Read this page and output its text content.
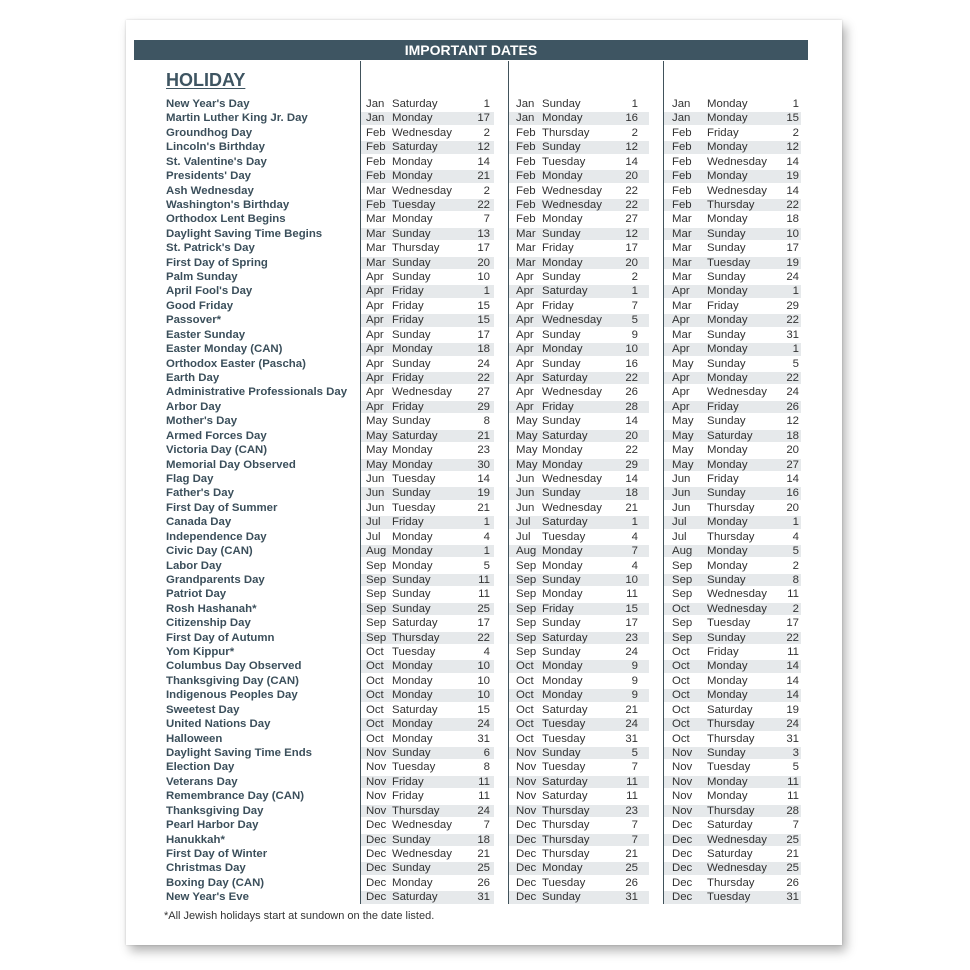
IMPORTANT DATES
HOLIDAY
New Year's Day	Jan Saturday	1 Jan Sunday	1	Jan Monday	1
Martin Luther King Jr. Day	Jan Monday	17 Jan Monday	16	Jan Monday	15
Groundhog Day	Feb Wednesday	2 Feb Thursday	2	Feb Friday	2
Lincoln's Birthday	Feb Saturday	12 Feb Sunday	12	Feb Monday	12
St. Valentine's Day	Feb Monday	14 Feb Tuesday	14	Feb Wednesday	14
Presidents' Day	Feb Monday	21 Feb Monday	20	Feb Monday	19
Ash Wednesday	Mar Wednesday	2 Feb Wednesday	22	Feb Wednesday	14
Washington's Birthday	Feb Tuesday	22 Feb Wednesday	22	Feb Thursday	22
Orthodox Lent Begins	Mar Monday	7 Feb Monday	27	Mar Monday	18
Daylight Saving Time Begins	Mar Sunday	13 Mar Sunday	12	Mar Sunday	10
St. Patrick's Day	Mar Thursday	17 Mar Friday	17	Mar Sunday	17
First Day of Spring	Mar Sunday	20 Mar Monday	20	Mar Tuesday	19
Palm Sunday	Apr Sunday	10 Apr Sunday	2	Mar Sunday	24
April Fool's Day	Apr Friday	1 Apr Saturday	1	Apr Monday	1
Good Friday	Apr Friday	15 Apr Friday	7	Mar Friday	29
Passover*	Apr Friday	15 Apr Wednesday	5	Apr Monday	22
Easter Sunday	Apr Sunday	17 Apr Sunday	9	Mar Sunday	31
Easter Monday (CAN)	Apr Monday	18 Apr Monday	10	Apr Monday	1
Orthodox Easter (Pascha)	Apr Sunday	24 Apr Sunday	16	May Sunday	5
Earth Day	Apr Friday	22 Apr Saturday	22	Apr Monday	22
Administrative Professionals Day Apr Wednesday	27 Apr Wednesday	26	Apr Wednesday	24
Arbor Day	Apr Friday	29 Apr Friday	28	Apr Friday	26
Mother's Day	May Sunday	8 May Sunday	14	May Sunday	12
Armed Forces Day	May Saturday	21 May Saturday	20	May Saturday	18
Victoria Day (CAN)	May Monday	23 May Monday	22	May Monday	20
Memorial Day Observed	May Monday	30 May Monday	29	May Monday	27
Flag Day	Jun Tuesday	14 Jun Wednesday	14	Jun Friday	14
Father's Day	Jun Sunday	19 Jun Sunday	18	Jun Sunday	16
First Day of Summer	Jun Tuesday	21 Jun Wednesday	21	Jun Thursday	20
Canada Day	Jul Friday	1 Jul Saturday	1	Jul Monday	1
Independence Day	Jul Monday	4 Jul Tuesday	4	Jul Thursday	4
Civic Day (CAN)	Aug Monday	1 Aug Monday	7	Aug Monday	5
Labor Day	Sep Monday	5 Sep Monday	4	Sep Monday	2
Grandparents Day	Sep Sunday	11 Sep Sunday	10	Sep Sunday	8
Patriot Day	Sep Sunday	11 Sep Monday	11	Sep Wednesday	11
Rosh Hashanah*	Sep Sunday	25 Sep Friday	15	Oct Wednesday	2
Citizenship Day	Sep Saturday	17 Sep Sunday	17	Sep Tuesday	17
First Day of Autumn	Sep Thursday	22 Sep Saturday	23	Sep Sunday	22
Yom Kippur*	Oct Tuesday	4 Sep Sunday	24	Oct Friday	11
Columbus Day Observed	Oct Monday	10 Oct Monday	9	Oct Monday	14
Thanksgiving Day (CAN)	Oct Monday	10 Oct Monday	9	Oct Monday	14
Indigenous Peoples Day	Oct Monday	10 Oct Monday	9	Oct Monday	14
Sweetest Day	Oct Saturday	15 Oct Saturday	21	Oct Saturday	19
United Nations Day	Oct Monday	24 Oct Tuesday	24	Oct Thursday	24
Halloween	Oct Monday	31 Oct Tuesday	31	Oct Thursday	31
Daylight Saving Time Ends	Nov Sunday	6 Nov Sunday	5	Nov Sunday	3
Election Day	Nov Tuesday	8 Nov Tuesday	7	Nov Tuesday	5
Veterans Day	Nov Friday	11 Nov Saturday	11	Nov Monday	11
Remembrance Day (CAN)	Nov Friday	11 Nov Saturday	11	Nov Monday	11
Thanksgiving Day	Nov Thursday	24 Nov Thursday	23	Nov Thursday	28
Pearl Harbor Day	Dec Wednesday	7 Dec Thursday	7	Dec Saturday	7
Hanukkah*	Dec Sunday	18 Dec Thursday	7	Dec Wednesday	25
First Day of Winter	Dec Wednesday	21 Dec Thursday	21	Dec Saturday	21
Christmas Day	Dec Sunday	25 Dec Monday	25	Dec Wednesday	25
Boxing Day (CAN)	Dec Monday	26 Dec Tuesday	26	Dec Thursday	26
New Year's Eve	Dec Saturday	31 Dec Sunday	31	Dec Tuesday	31
*All Jewish holidays start at sundown on the date listed.
